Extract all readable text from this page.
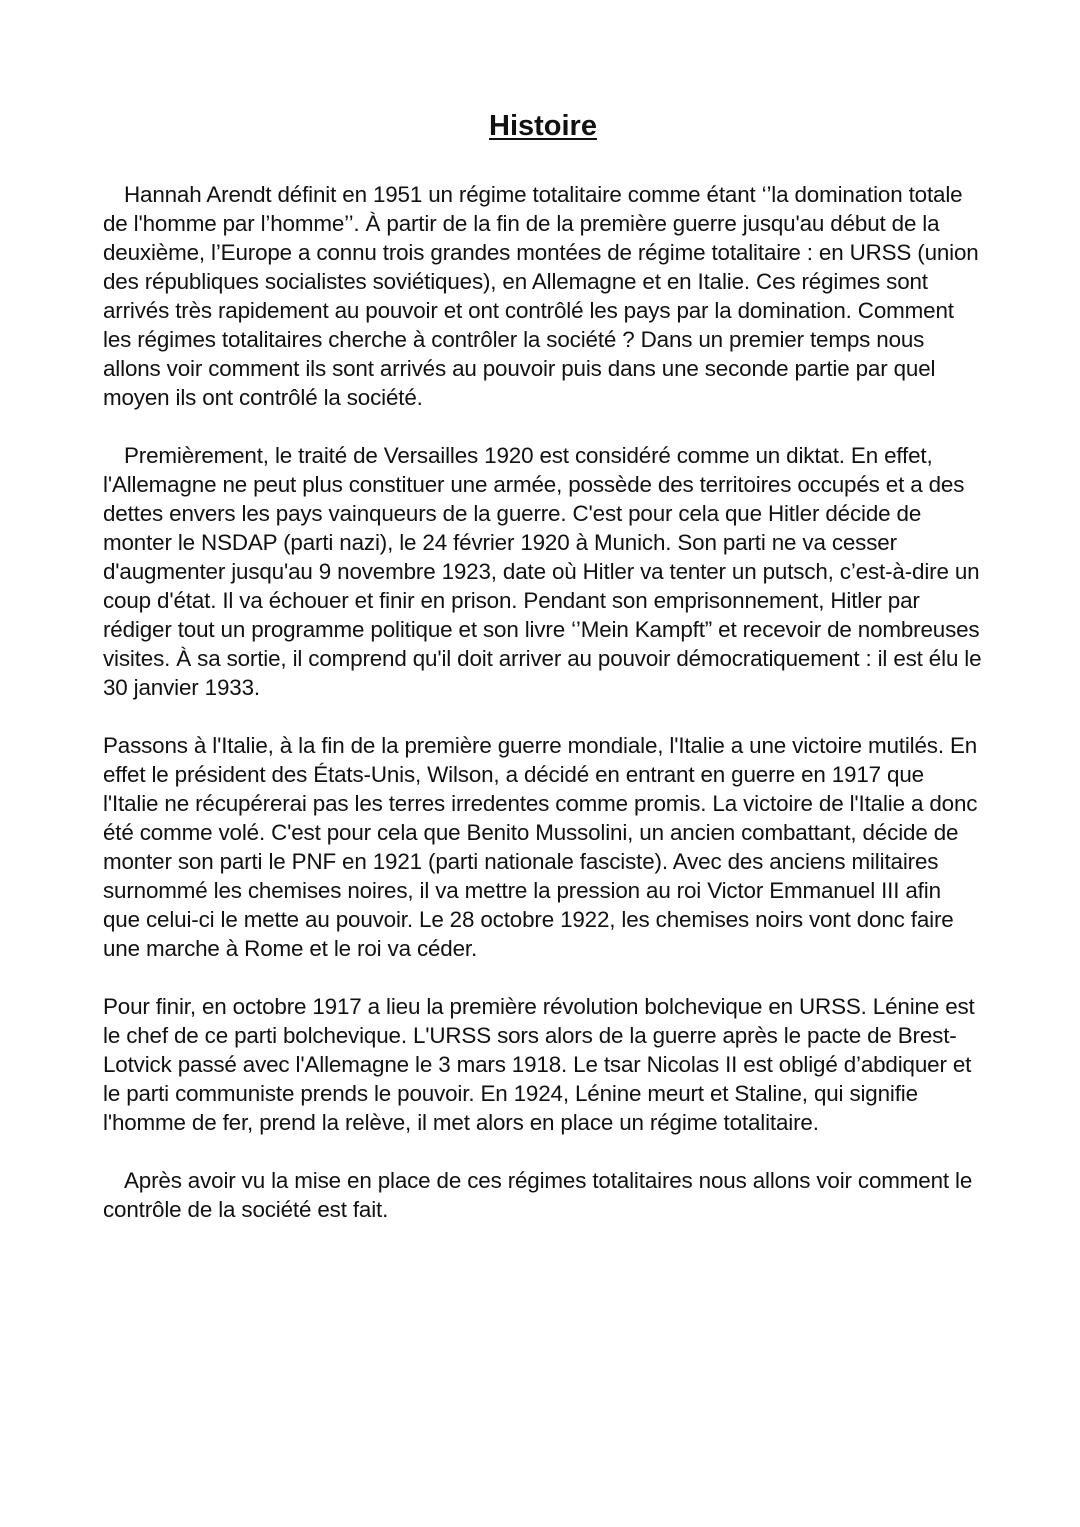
Histoire

Hannah Arendt définit en 1951 un régime totalitaire comme étant ‘’la domination totale de l'homme par l’homme’’. À partir de la fin de la première guerre jusqu'au début de la deuxième, l’Europe a connu trois grandes montées de régime totalitaire : en URSS (union des républiques socialistes soviétiques), en Allemagne et en Italie. Ces régimes sont arrivés très rapidement au pouvoir et ont contrôlé les pays par la domination. Comment les régimes totalitaires cherche à contrôler la société ? Dans un premier temps nous allons voir comment ils sont arrivés au pouvoir puis dans une seconde partie par quel moyen ils ont contrôlé la société.

Premièrement, le traité de Versailles 1920 est considéré comme un diktat. En effet, l'Allemagne ne peut plus constituer une armée, possède des territoires occupés et a des dettes envers les pays vainqueurs de la guerre. C'est pour cela que Hitler décide de monter le NSDAP (parti nazi), le 24 février 1920 à Munich. Son parti ne va cesser d'augmenter jusqu'au 9 novembre 1923, date où Hitler va tenter un putsch, c’est-à-dire un coup d'état. Il va échouer et finir en prison. Pendant son emprisonnement, Hitler par rédiger tout un programme politique et son livre ‘’Mein Kampft” et recevoir de nombreuses visites. À sa sortie, il comprend qu'il doit arriver au pouvoir démocratiquement : il est élu le 30 janvier 1933.

Passons à l'Italie, à la fin de la première guerre mondiale, l'Italie a une victoire mutilés. En effet le président des États-Unis, Wilson, a décidé en entrant en guerre en 1917 que l'Italie ne récupérerai pas les terres irredentes comme promis. La victoire de l'Italie a donc été comme volé. C'est pour cela que Benito Mussolini, un ancien combattant, décide de monter son parti le PNF en 1921 (parti nationale fasciste). Avec des anciens militaires surnommé les chemises noires, il va mettre la pression au roi Victor Emmanuel III afin que celui-ci le mette au pouvoir. Le 28 octobre 1922, les chemises noirs vont donc faire une marche à Rome et le roi va céder.

Pour finir, en octobre 1917 a lieu la première révolution bolchevique en URSS. Lénine est le chef de ce parti bolchevique. L'URSS sors alors de la guerre après le pacte de Brest-Lotvick passé avec l'Allemagne le 3 mars 1918. Le tsar Nicolas II est obligé d’abdiquer et le parti communiste prends le pouvoir. En 1924, Lénine meurt et Staline, qui signifie l'homme de fer, prend la relève, il met alors en place un régime totalitaire.

Après avoir vu la mise en place de ces régimes totalitaires nous allons voir comment le contrôle de la société est fait.
